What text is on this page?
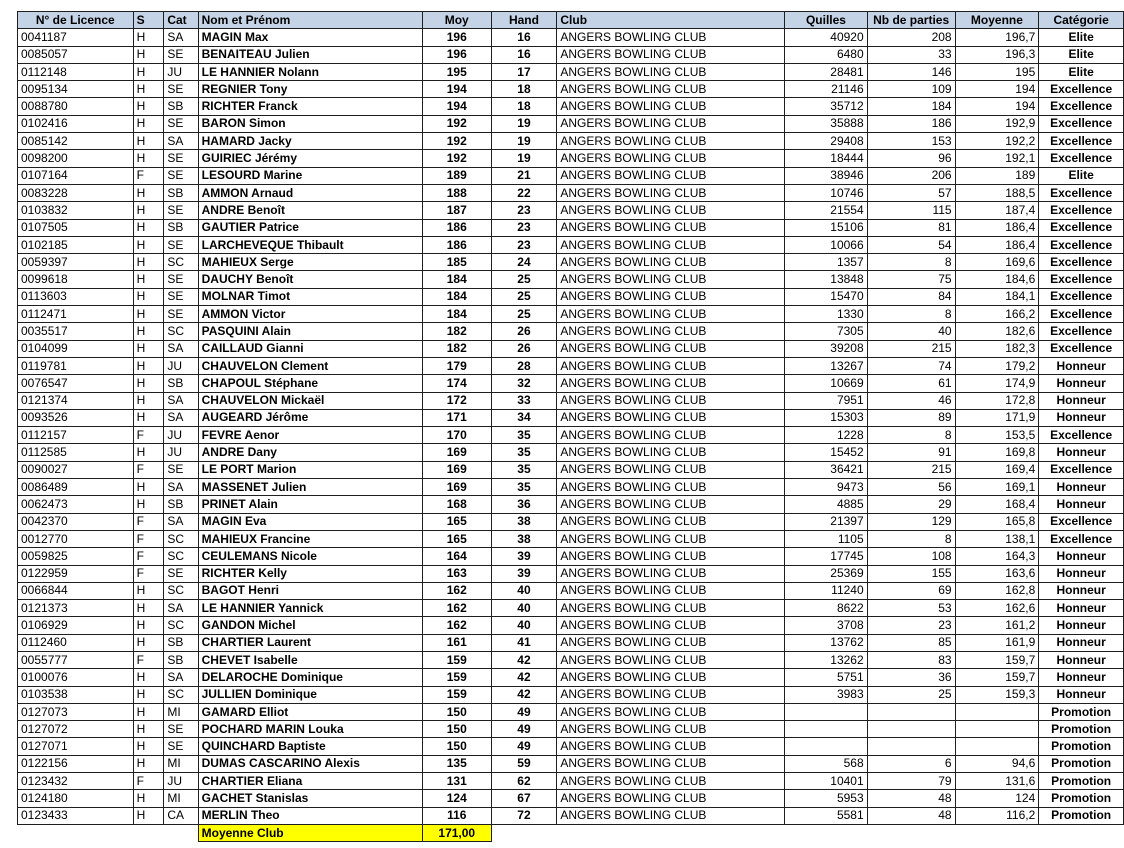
N° de Licence	S	Cat	Nom et Prénom	Moy	Hand	Club	Quilles	Nb de parties	Moyenne	Catégorie
0041187	H	SA	MAGIN Max	196	16	ANGERS BOWLING CLUB	40920	208	196,7	Elite
0085057	H	SE	BENAITEAU Julien	196	16	ANGERS BOWLING CLUB	6480	33	196,3	Elite
0112148	H	JU	LE HANNIER Nolann	195	17	ANGERS BOWLING CLUB	28481	146	195	Elite
0095134	H	SE	REGNIER Tony	194	18	ANGERS BOWLING CLUB	21146	109	194	Excellence
0088780	H	SB	RICHTER Franck	194	18	ANGERS BOWLING CLUB	35712	184	194	Excellence
0102416	H	SE	BARON Simon	192	19	ANGERS BOWLING CLUB	35888	186	192,9	Excellence
0085142	H	SA	HAMARD Jacky	192	19	ANGERS BOWLING CLUB	29408	153	192,2	Excellence
0098200	H	SE	GUIRIEC Jérémy	192	19	ANGERS BOWLING CLUB	18444	96	192,1	Excellence
0107164	F	SE	LESOURD Marine	189	21	ANGERS BOWLING CLUB	38946	206	189	Elite
0083228	H	SB	AMMON Arnaud	188	22	ANGERS BOWLING CLUB	10746	57	188,5	Excellence
0103832	H	SE	ANDRE Benoît	187	23	ANGERS BOWLING CLUB	21554	115	187,4	Excellence
0107505	H	SB	GAUTIER Patrice	186	23	ANGERS BOWLING CLUB	15106	81	186,4	Excellence
0102185	H	SE	LARCHEVEQUE Thibault	186	23	ANGERS BOWLING CLUB	10066	54	186,4	Excellence
0059397	H	SC	MAHIEUX Serge	185	24	ANGERS BOWLING CLUB	1357	8	169,6	Excellence
0099618	H	SE	DAUCHY Benoît	184	25	ANGERS BOWLING CLUB	13848	75	184,6	Excellence
0113603	H	SE	MOLNAR Timot	184	25	ANGERS BOWLING CLUB	15470	84	184,1	Excellence
0112471	H	SE	AMMON Victor	184	25	ANGERS BOWLING CLUB	1330	8	166,2	Excellence
0035517	H	SC	PASQUINI Alain	182	26	ANGERS BOWLING CLUB	7305	40	182,6	Excellence
0104099	H	SA	CAILLAUD Gianni	182	26	ANGERS BOWLING CLUB	39208	215	182,3	Excellence
0119781	H	JU	CHAUVELON Clement	179	28	ANGERS BOWLING CLUB	13267	74	179,2	Honneur
0076547	H	SB	CHAPOUL Stéphane	174	32	ANGERS BOWLING CLUB	10669	61	174,9	Honneur
0121374	H	SA	CHAUVELON Mickaël	172	33	ANGERS BOWLING CLUB	7951	46	172,8	Honneur
0093526	H	SA	AUGEARD Jérôme	171	34	ANGERS BOWLING CLUB	15303	89	171,9	Honneur
0112157	F	JU	FEVRE Aenor	170	35	ANGERS BOWLING CLUB	1228	8	153,5	Excellence
0112585	H	JU	ANDRE Dany	169	35	ANGERS BOWLING CLUB	15452	91	169,8	Honneur
0090027	F	SE	LE PORT Marion	169	35	ANGERS BOWLING CLUB	36421	215	169,4	Excellence
0086489	H	SA	MASSENET Julien	169	35	ANGERS BOWLING CLUB	9473	56	169,1	Honneur
0062473	H	SB	PRINET Alain	168	36	ANGERS BOWLING CLUB	4885	29	168,4	Honneur
0042370	F	SA	MAGIN Eva	165	38	ANGERS BOWLING CLUB	21397	129	165,8	Excellence
0012770	F	SC	MAHIEUX Francine	165	38	ANGERS BOWLING CLUB	1105	8	138,1	Excellence
0059825	F	SC	CEULEMANS Nicole	164	39	ANGERS BOWLING CLUB	17745	108	164,3	Honneur
0122959	F	SE	RICHTER Kelly	163	39	ANGERS BOWLING CLUB	25369	155	163,6	Honneur
0066844	H	SC	BAGOT Henri	162	40	ANGERS BOWLING CLUB	11240	69	162,8	Honneur
0121373	H	SA	LE HANNIER Yannick	162	40	ANGERS BOWLING CLUB	8622	53	162,6	Honneur
0106929	H	SC	GANDON Michel	162	40	ANGERS BOWLING CLUB	3708	23	161,2	Honneur
0112460	H	SB	CHARTIER Laurent	161	41	ANGERS BOWLING CLUB	13762	85	161,9	Honneur
0055777	F	SB	CHEVET Isabelle	159	42	ANGERS BOWLING CLUB	13262	83	159,7	Honneur
0100076	H	SA	DELAROCHE Dominique	159	42	ANGERS BOWLING CLUB	5751	36	159,7	Honneur
0103538	H	SC	JULLIEN Dominique	159	42	ANGERS BOWLING CLUB	3983	25	159,3	Honneur
0127073	H	MI	GAMARD Elliot	150	49	ANGERS BOWLING CLUB				Promotion
0127072	H	SE	POCHARD MARIN Louka	150	49	ANGERS BOWLING CLUB				Promotion
0127071	H	SE	QUINCHARD Baptiste	150	49	ANGERS BOWLING CLUB				Promotion
0122156	H	MI	DUMAS CASCARINO Alexis	135	59	ANGERS BOWLING CLUB	568	6	94,6	Promotion
0123432	F	JU	CHARTIER Eliana	131	62	ANGERS BOWLING CLUB	10401	79	131,6	Promotion
0124180	H	MI	GACHET Stanislas	124	67	ANGERS BOWLING CLUB	5953	48	124	Promotion
0123433	H	CA	MERLIN Theo	116	72	ANGERS BOWLING CLUB	5581	48	116,2	Promotion
			Moyenne Club	171,00						
